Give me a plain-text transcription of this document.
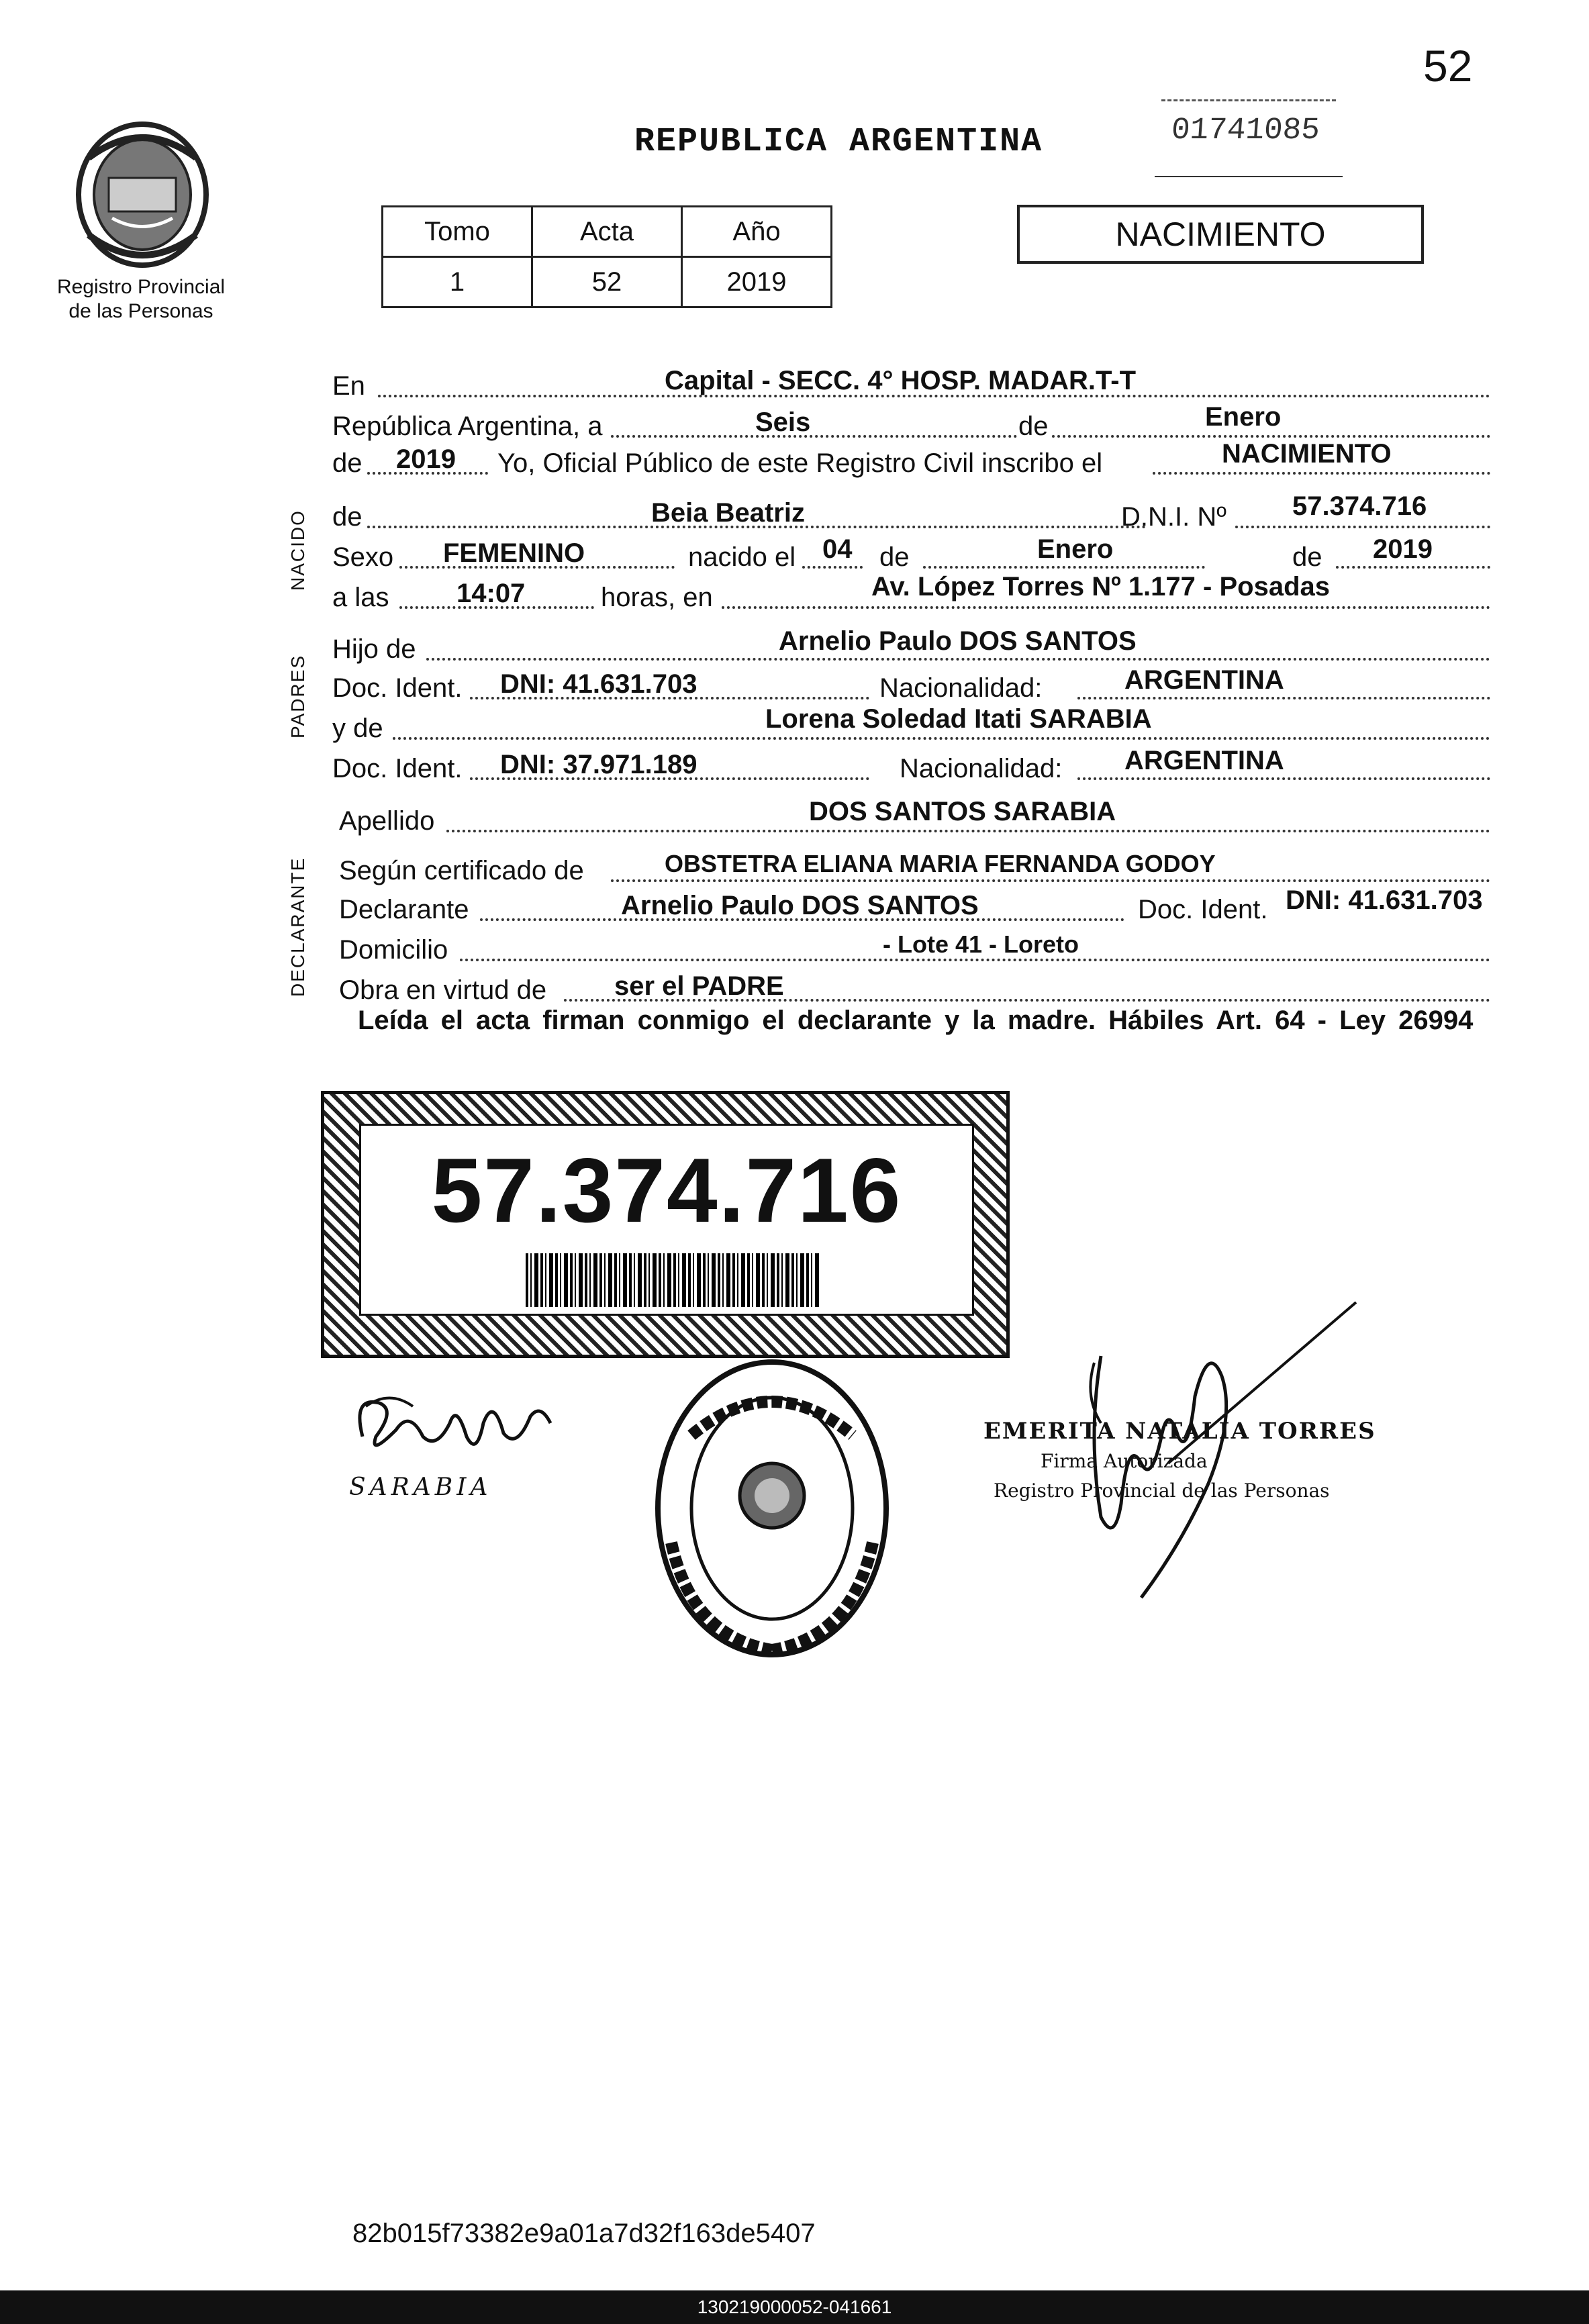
52
Registro Provincial
de las Personas
REPUBLICA ARGENTINA	01741085
Tomo	Acta	Año
1	52	2019
NACIMIENTO
NACIDO
PADRES
DECLARANTE
En	Capital - SECC. 4° HOSP. MADAR.T-T
República Argentina, a	Seis	de	Enero
de 2019 Yo, Oficial Público de este Registro Civil inscribo el	NACIMIENTO
de	Beia Beatriz	D.N.I. Nº 57.374.716
Sexo FEMENINO	nacido el 04 de	Enero	de 2019
a las	14:07	horas, en	Av. López Torres Nº 1.177 - Posadas
Hijo de	Arnelio Paulo DOS SANTOS
Doc. Ident. DNI: 41.631.703	Nacionalidad:	ARGENTINA
y de	Lorena Soledad Itati SARABIA
Doc. Ident. DNI: 37.971.189	Nacionalidad: ARGENTINA
Apellido	DOS SANTOS SARABIA
Según certificado de	OBSTETRA ELIANA MARIA FERNANDA GODOY
Declarante	Arnelio Paulo DOS SANTOS	Doc. Ident. DNI: 41.631.703
Domicilio	- Lote 41 - Loreto
Obra en virtud de	ser el PADRE
Leída el acta firman conmigo el declarante y la madre. Hábiles Art. 64 - Ley 26994
57.374.716
SARABIA
EMERITA NATALIA TORRES
Firma Autorizada
Registro Provincial de las Personas
82b015f73382e9a01a7d32f163de5407
130219000052-041661
